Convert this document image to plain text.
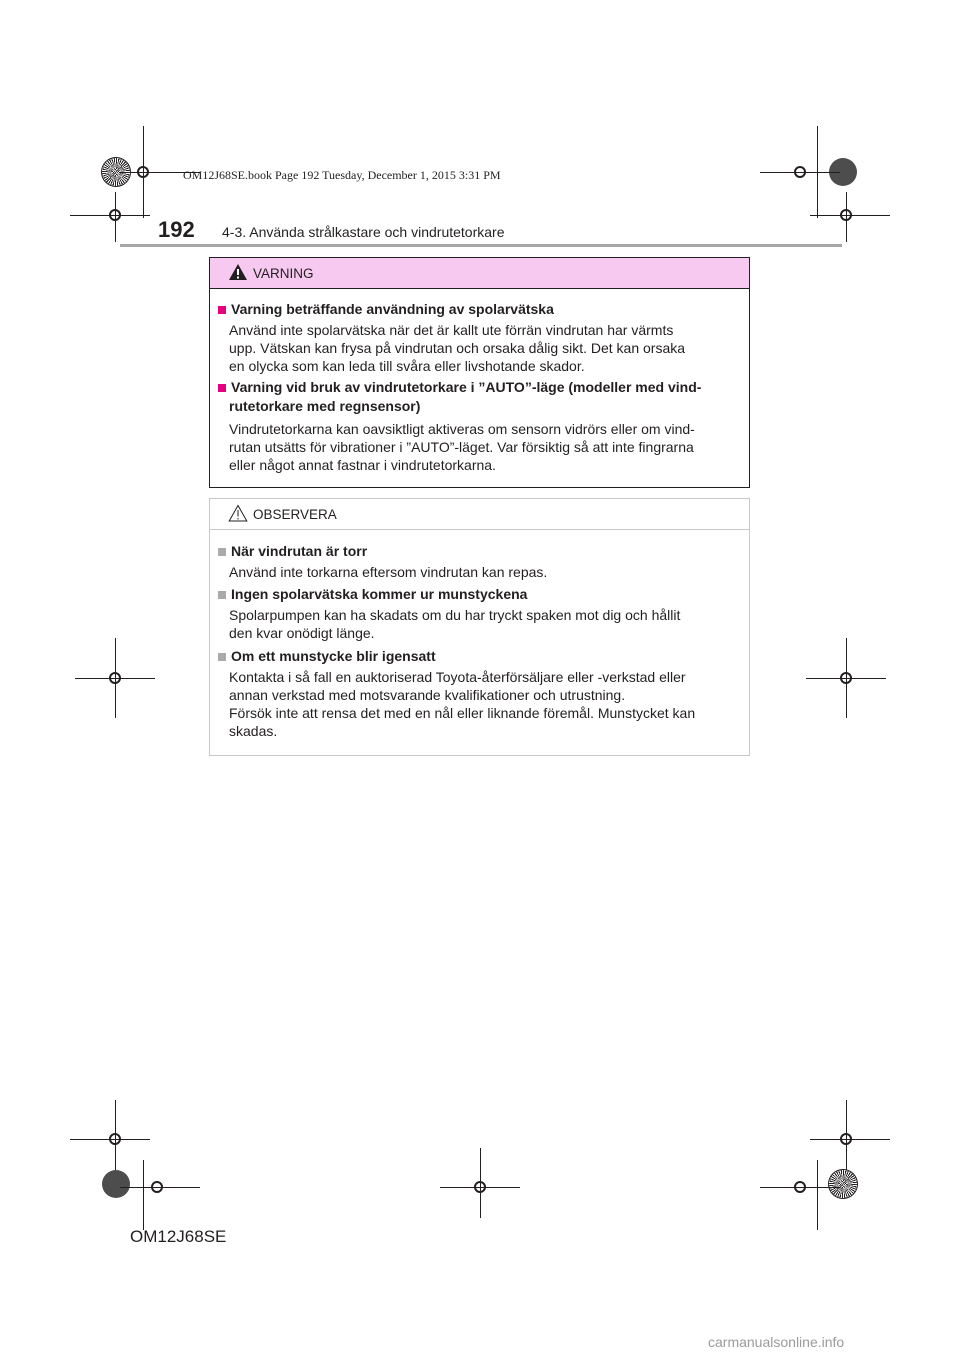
OM12J68SE.book Page 192 Tuesday, December 1, 2015 3:31 PM
192 4-3. Använda strålkastare och vindrutetorkare
VARNING
Varning beträffande användning av spolarvätska
Använd inte spolarvätska när det är kallt ute förrän vindrutan har värmts
upp. Vätskan kan frysa på vindrutan och orsaka dålig sikt. Det kan orsaka
en olycka som kan leda till svåra eller livshotande skador.
Varning vid bruk av vindrutetorkare i ”AUTO”-läge (modeller med vind-
rutetorkare med regnsensor)
Vindrutetorkarna kan oavsiktligt aktiveras om sensorn vidrörs eller om vind-
rutan utsätts för vibrationer i ”AUTO”-läget. Var försiktig så att inte fingrarna
eller något annat fastnar i vindrutetorkarna.
OBSERVERA
När vindrutan är torr
Använd inte torkarna eftersom vindrutan kan repas.
Ingen spolarvätska kommer ur munstyckena
Spolarpumpen kan ha skadats om du har tryckt spaken mot dig och hållit
den kvar onödigt länge.
Om ett munstycke blir igensatt
Kontakta i så fall en auktoriserad Toyota-återförsäljare eller -verkstad eller
annan verkstad med motsvarande kvalifikationer och utrustning.
Försök inte att rensa det med en nål eller liknande föremål. Munstycket kan
skadas.
OM12J68SE
carmanualsonline.info
